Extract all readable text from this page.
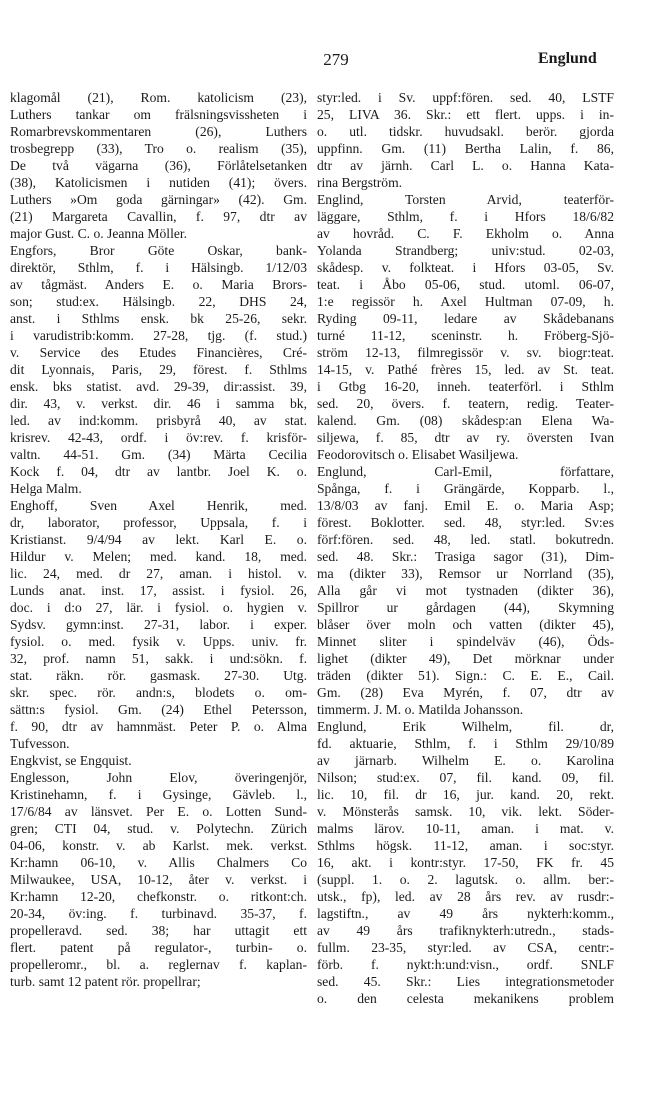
279	Englund
klagomål (21), Rom. katolicism (23),
Luthers tankar om frälsningsvissheten i
Romarbrevskommentaren (26), Luthers
trosbegrepp (33), Tro o. realism (35),
De två vägarna (36), Förlåtelsetanken
(38), Katolicismen i nutiden (41); övers.
Luthers »Om goda gärningar» (42). Gm.
(21) Margareta Cavallin, f. 97, dtr av
major Gust. C. o. Jeanna Möller.
Engfors, Bror Göte Oskar, bank-
direktör, Sthlm, f. i Hälsingb. 1/12/03
av tågmäst. Anders E. o. Maria Brors-
son; stud:ex. Hälsingb. 22, DHS 24,
anst. i Sthlms ensk. bk 25-26, sekr.
i varudistrib:komm. 27-28, tjg. (f. stud.)
v. Service des Etudes Financières, Cré-
dit Lyonnais, Paris, 29, förest. f. Sthlms
ensk. bks statist. avd. 29-39, dir:assist. 39,
dir. 43, v. verkst. dir. 46 i samma bk,
led. av ind:komm. prisbyrå 40, av stat.
krisrev. 42-43, ordf. i öv:rev. f. krisför-
valtn. 44-51. Gm. (34) Märta Cecilia
Kock f. 04, dtr av lantbr. Joel K. o.
Helga Malm.
Enghoff, Sven Axel Henrik, med.
dr, laborator, professor, Uppsala, f. i
Kristianst. 9/4/94 av lekt. Karl E. o.
Hildur v. Melen; med. kand. 18, med.
lic. 24, med. dr 27, aman. i histol. v.
Lunds anat. inst. 17, assist. i fysiol. 26,
doc. i d:o 27, lär. i fysiol. o. hygien v.
Sydsv. gymn:inst. 27-31, labor. i exper.
fysiol. o. med. fysik v. Upps. univ. fr.
32, prof. namn 51, sakk. i und:sökn. f.
stat. räkn. rör. gasmask. 27-30. Utg.
skr. spec. rör. andn:s, blodets o. om-
sättn:s fysiol. Gm. (24) Ethel Petersson,
f. 90, dtr av hamnmäst. Peter P. o. Alma
Tufvesson.
Engkvist, se Engquist.
Englesson, John Elov, överingenjör,
Kristinehamn, f. i Gysinge, Gävleb. l.,
17/6/84 av länsvet. Per E. o. Lotten Sund-
gren; CTI 04, stud. v. Polytechn. Zürich
04-06, konstr. v. ab Karlst. mek. verkst.
Kr:hamn 06-10, v. Allis Chalmers Co
Milwaukee, USA, 10-12, åter v. verkst. i
Kr:hamn 12-20, chefkonstr. o. ritkont:ch.
20-34, öv:ing. f. turbinavd. 35-37, f.
propelleravd. sed. 38; har uttagit ett
flert. patent på regulator-, turbin- o.
propelleromr., bl. a. reglernav f. kaplan-
turb. samt 12 patent rör. propellrar;
styr:led. i Sv. uppf:fören. sed. 40, LSTF
25, LIVA 36. Skr.: ett flert. upps. i in-
o. utl. tidskr. huvudsakl. berör. gjorda
uppfinn. Gm. (11) Bertha Lalin, f. 86,
dtr av järnh. Carl L. o. Hanna Kata-
rina Bergström.
Englind, Torsten Arvid, teaterför-
läggare, Sthlm, f. i Hfors 18/6/82
av hovråd. C. F. Ekholm o. Anna
Yolanda Strandberg; univ:stud. 02-03,
skådesp. v. folkteat. i Hfors 03-05, Sv.
teat. i Åbo 05-06, stud. utoml. 06-07,
1:e regissör h. Axel Hultman 07-09, h.
Ryding 09-11, ledare av Skådebanans
turné 11-12, sceninstr. h. Fröberg-Sjö-
ström 12-13, filmregissör v. sv. biogr:teat.
14-15, v. Pathé frères 15, led. av St. teat.
i Gtbg 16-20, inneh. teaterförl. i Sthlm
sed. 20, övers. f. teatern, redig. Teater-
kalend. Gm. (08) skådesp:an Elena Wa-
siljewa, f. 85, dtr av ry. översten Ivan
Feodorovitsch o. Elisabet Wasiljewa.
Englund, Carl-Emil, författare,
Spånga, f. i Grängärde, Kopparb. l.,
13/8/03 av fanj. Emil E. o. Maria Asp;
förest. Boklotter. sed. 48, styr:led. Sv:es
förf:fören. sed. 48, led. statl. bokutredn.
sed. 48. Skr.: Trasiga sagor (31), Dim-
ma (dikter 33), Remsor ur Norrland (35),
Alla går vi mot tystnaden (dikter 36),
Spillror ur gårdagen (44), Skymning
blåser över moln och vatten (dikter 45),
Minnet sliter i spindelväv (46), Öds-
lighet (dikter 49), Det mörknar under
träden (dikter 51). Sign.: C. E. E., Cail.
Gm. (28) Eva Myrén, f. 07, dtr av
timmerm. J. M. o. Matilda Johansson.
Englund, Erik Wilhelm, fil. dr,
fd. aktuarie, Sthlm, f. i Sthlm 29/10/89
av järnarb. Wilhelm E. o. Karolina
Nilson; stud:ex. 07, fil. kand. 09, fil.
lic. 10, fil. dr 16, jur. kand. 20, rekt.
v. Mönsterås samsk. 10, vik. lekt. Söder-
malms lärov. 10-11, aman. i mat. v.
Sthlms högsk. 11-12, aman. i soc:styr.
16, akt. i kontr:styr. 17-50, FK fr. 45
(suppl. 1. o. 2. lagutsk. o. allm. ber:-
utsk., fp), led. av 28 års rev. av rusdr:-
lagstiftn., av 49 års nykterh:komm.,
av 49 års trafiknykterh:utredn., stads-
fullm. 23-35, styr:led. av CSA, centr:-
förb. f. nykt:h:und:visn., ordf. SNLF
sed. 45. Skr.: Lies integrationsmetoder
o. den celesta mekanikens problem
